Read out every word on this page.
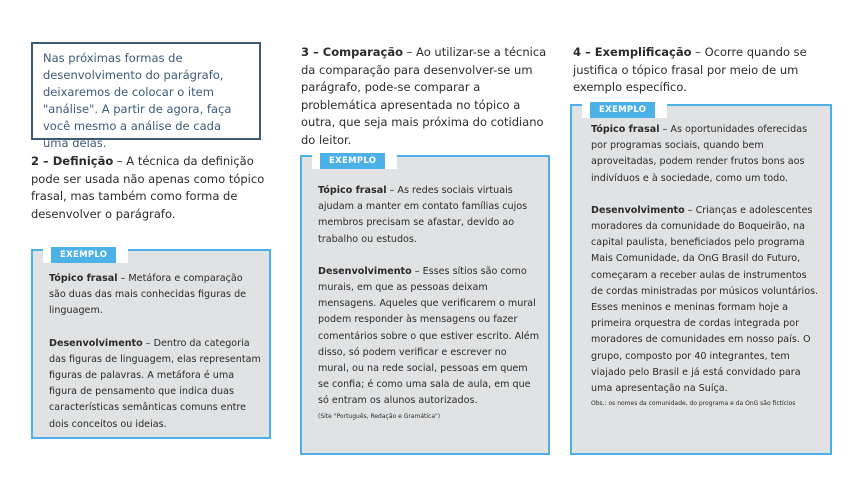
Nas próximas formas de desenvolvimento do parágrafo, deixaremos de colocar o item "análise". A partir de agora, faça você mesmo a análise de cada uma delas.

2 – Definição – A técnica da definição pode ser usada não apenas como tópico frasal, mas também como forma de desenvolver o parágrafo.
EXEMPLO

Tópico frasal – Metáfora e comparação são duas das mais conhecidas figuras de linguagem.

Desenvolvimento – Dentro da categoria das figuras de linguagem, elas representam figuras de palavras. A metáfora é uma figura de pensamento que indica duas características semânticas comuns entre dois conceitos ou ideias.

3 – Comparação – Ao utilizar-se a técnica da comparação para desenvolver-se um parágrafo, pode-se comparar a problemática apresentada no tópico a outra, que seja mais próxima do cotidiano do leitor.
EXEMPLO

Tópico frasal – As redes sociais virtuais ajudam a manter em contato famílias cujos membros precisam se afastar, devido ao trabalho ou estudos.

Desenvolvimento – Esses sítios são como murais, em que as pessoas deixam mensagens. Aqueles que verificarem o mural podem responder às mensagens ou fazer comentários sobre o que estiver escrito. Além disso, só podem verificar e escrever no mural, ou na rede social, pessoas em quem se confia; é como uma sala de aula, em que só entram os alunos autorizados.

(Site "Português, Redação e Gramática")

4 – Exemplificação – Ocorre quando se justifica o tópico frasal por meio de um exemplo específico.
EXEMPLO

Tópico frasal – As oportunidades oferecidas por programas sociais, quando bem aproveitadas, podem render frutos bons aos indivíduos e à sociedade, como um todo.

Desenvolvimento – Crianças e adolescentes moradores da comunidade do Boqueirão, na capital paulista, beneficiados pelo programa Mais Comunidade, da OnG Brasil do Futuro, começaram a receber aulas de instrumentos de cordas ministradas por músicos voluntários. Esses meninos e meninas formam hoje a primeira orquestra de cordas integrada por moradores de comunidades em nosso país. O grupo, composto por 40 integrantes, tem viajado pelo Brasil e já está convidado para uma apresentação na Suíça.

Obs.: os nomes da comunidade, do programa e da OnG são fictícios
